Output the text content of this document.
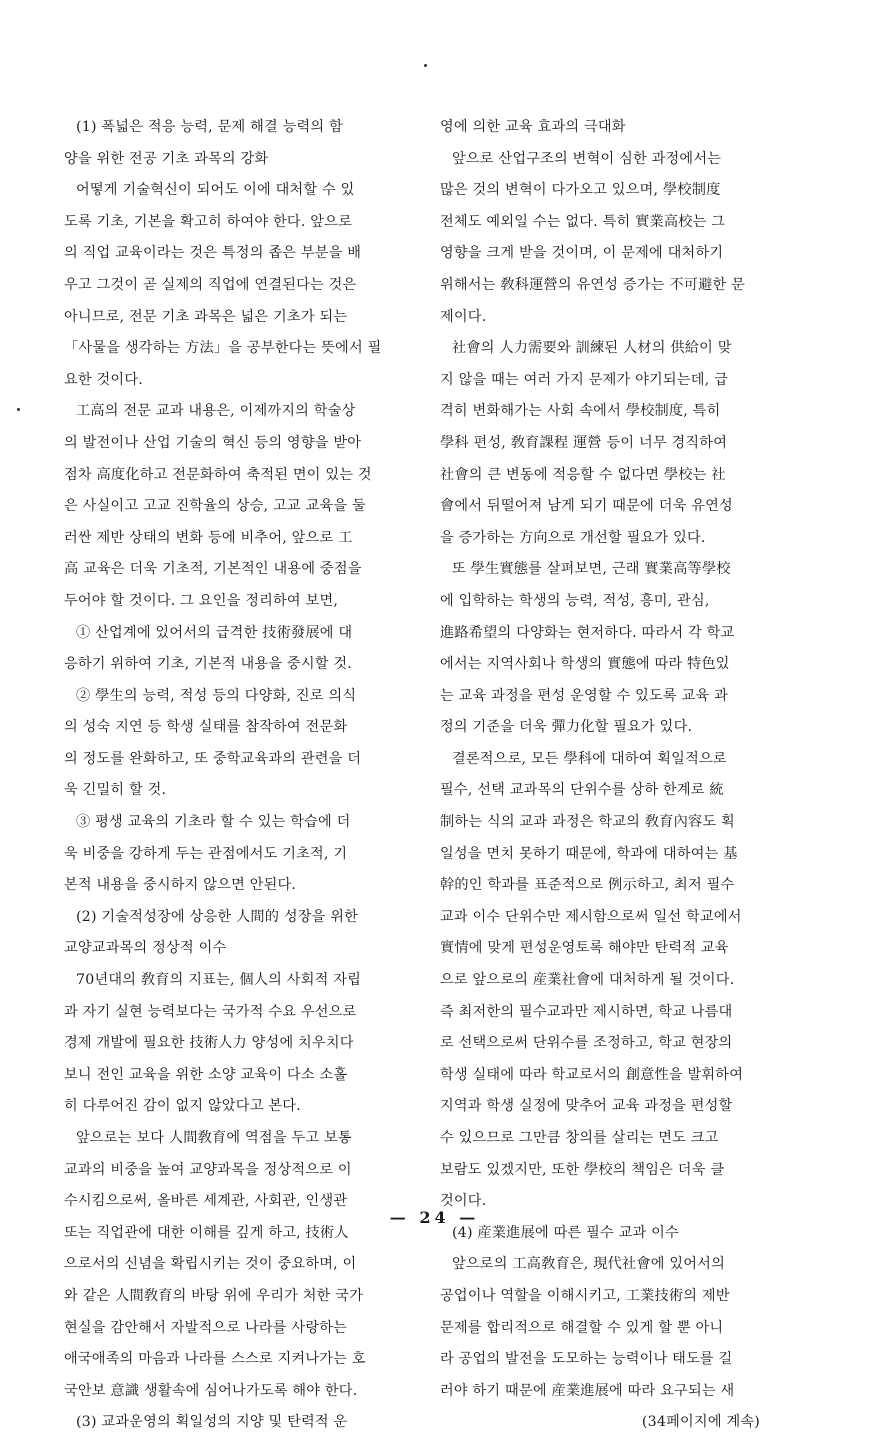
(1) 폭넓은 적응 능력, 문제 해결 능력의 함
양을 위한 전공 기초 과목의 강화
어떻게 기술혁신이 되어도 이에 대처할 수 있
도록 기초, 기본을 확고히 하여야 한다. 앞으로
의 직업 교육이라는 것은 특정의 좁은 부분을 배
우고 그것이 곧 실제의 직업에 연결된다는 것은
아니므로, 전문 기초 과목은 넓은 기초가 되는
「사물을 생각하는 方法」을 공부한다는 뜻에서 필
요한 것이다.
工高의 전문 교과 내용은, 이제까지의 학술상
의 발전이나 산업 기술의 혁신 등의 영향을 받아
점차 高度化하고 전문화하여 축적된 면이 있는 것
은 사실이고 고교 진학율의 상승, 고교 교육을 둘
러싼 제반 상태의 변화 등에 비추어, 앞으로 工
高 교육은 더욱 기초적, 기본적인 내용에 중점을
두어야 할 것이다. 그 요인을 정리하여 보면,
① 산업계에 있어서의 급격한 技術發展에 대
응하기 위하여 기초, 기본적 내용을 중시할 것.
② 學生의 능력, 적성 등의 다양화, 진로 의식
의 성숙 지연 등 학생 실태를 참작하여 전문화
의 정도를 완화하고, 또 중학교육과의 관련을 더
욱 긴밀히 할 것.
③ 평생 교육의 기초라 할 수 있는 학습에 더
욱 비중을 강하게 두는 관점에서도 기초적, 기
본적 내용을 중시하지 않으면 안된다.
(2) 기술적성장에 상응한 人間的 성장을 위한
교양교과목의 정상적 이수
70년대의 敎育의 지표는, 個人의 사회적 자립
과 자기 실현 능력보다는 국가적 수요 우선으로
경제 개발에 필요한 技術人力 양성에 치우치다
보니 전인 교육을 위한 소양 교육이 다소 소홀
히 다루어진 감이 없지 않았다고 본다.
앞으로는 보다 人間敎育에 역점을 두고 보통
교과의 비중을 높여 교양과목을 정상적으로 이
수시킴으로써, 올바른 세계관, 사회관, 인생관
또는 직업관에 대한 이해를 깊게 하고, 技術人
으로서의 신념을 확립시키는 것이 중요하며, 이
와 같은 人間敎育의 바탕 위에 우리가 처한 국가
현실을 감안해서 자발적으로 나라를 사랑하는
애국애족의 마음과 나라를 스스로 지켜나가는 호
국안보 意識 생활속에 심어나가도록 해야 한다.
(3) 교과운영의 획일성의 지양 및 탄력적 운
영에 의한 교육 효과의 극대화
앞으로 산업구조의 변혁이 심한 과정에서는
많은 것의 변혁이 다가오고 있으며, 學校制度
전체도 예외일 수는 없다. 특히 實業高校는 그
영향을 크게 받을 것이며, 이 문제에 대처하기
위해서는 敎科運營의 유연성 증가는 不可避한 문
제이다.
社會의 人力需要와 訓練된 人材의 供給이 맞
지 않을 때는 여러 가지 문제가 야기되는데, 급
격히 변화해가는 사회 속에서 學校制度, 특히
學科 편성, 敎育課程 運營 등이 너무 경직하여
社會의 큰 변동에 적응할 수 없다면 學校는 社
會에서 뒤떨어져 남게 되기 때문에 더욱 유연성
을 증가하는 方向으로 개선할 필요가 있다.
또 學生實態를 살펴보면, 근래 實業高等學校
에 입학하는 학생의 능력, 적성, 흥미, 관심,
進路希望의 다양화는 현저하다. 따라서 각 학교
에서는 지역사회나 학생의 實態에 따라 特色있
는 교육 과정을 편성 운영할 수 있도록 교육 과
정의 기준을 더욱 彈力化할 필요가 있다.
결론적으로, 모든 學科에 대하여 획일적으로
필수, 선택 교과목의 단위수를 상하 한계로 統
制하는 식의 교과 과정은 학교의 敎育內容도 획
일성을 면치 못하기 때문에, 학과에 대하여는 基
幹的인 학과를 표준적으로 例示하고, 최저 필수
교과 이수 단위수만 제시함으로써 일선 학교에서
實情에 맞게 편성운영토록 해야만 탄력적 교육
으로 앞으로의 産業社會에 대처하게 될 것이다.
즉 최저한의 필수교과만 제시하면, 학교 나름대
로 선택으로써 단위수를 조정하고, 학교 현장의
학생 실태에 따라 학교로서의 創意性을 발휘하여
지역과 학생 실정에 맞추어 교육 과정을 편성할
수 있으므로 그만큼 창의를 살리는 면도 크고
보람도 있겠지만, 또한 學校의 책임은 더욱 클
것이다.
(4) 産業進展에 따른 필수 교과 이수
앞으로의 工高敎育은, 現代社會에 있어서의
공업이나 역할을 이해시키고, 工業技術의 제반
문제를 합리적으로 해결할 수 있게 할 뿐 아니
라 공업의 발전을 도모하는 능력이나 태도를 길
러야 하기 때문에 産業進展에 따라 요구되는 새
(34페이지에 계속)
— 24 —
